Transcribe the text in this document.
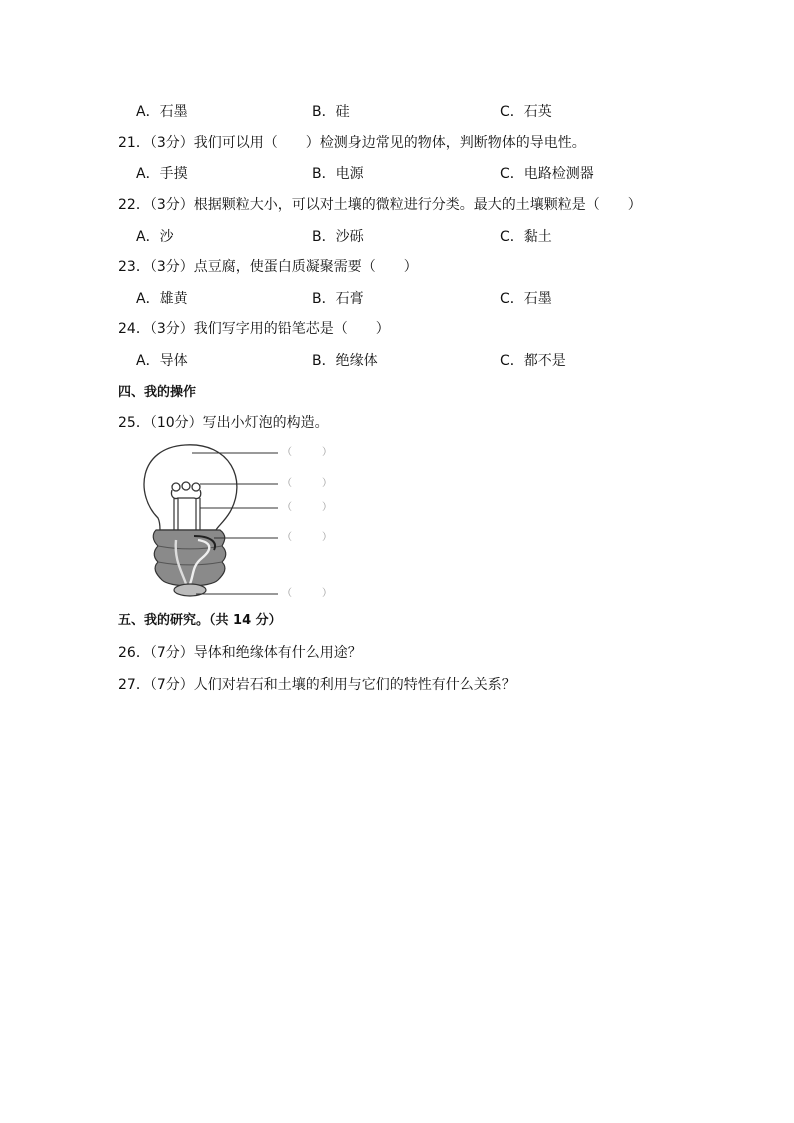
A．石墨	B．硅	C．石英
21．（3分）我们可以用（　　）检测身边常见的物体，判断物体的导电性。
A．手摸	B．电源	C．电路检测器
22．（3分）根据颗粒大小，可以对土壤的微粒进行分类。最大的土壤颗粒是（　　）
A．沙	B．沙砾	C．黏土
23．（3分）点豆腐，使蛋白质凝聚需要（　　）
A．雄黄	B．石膏	C．石墨
24．（3分）我们写字用的铅笔芯是（　　）
A．导体	B．绝缘体	C．都不是
四、我的操作
25．（10分）写出小灯泡的构造。
（　　　）
（　　　）
（　　　）
（　　　）
（　　　）
五、我的研究。（共 14 分）
26．（7分）导体和绝缘体有什么用途？
27．（7分）人们对岩石和土壤的利用与它们的特性有什么关系？
